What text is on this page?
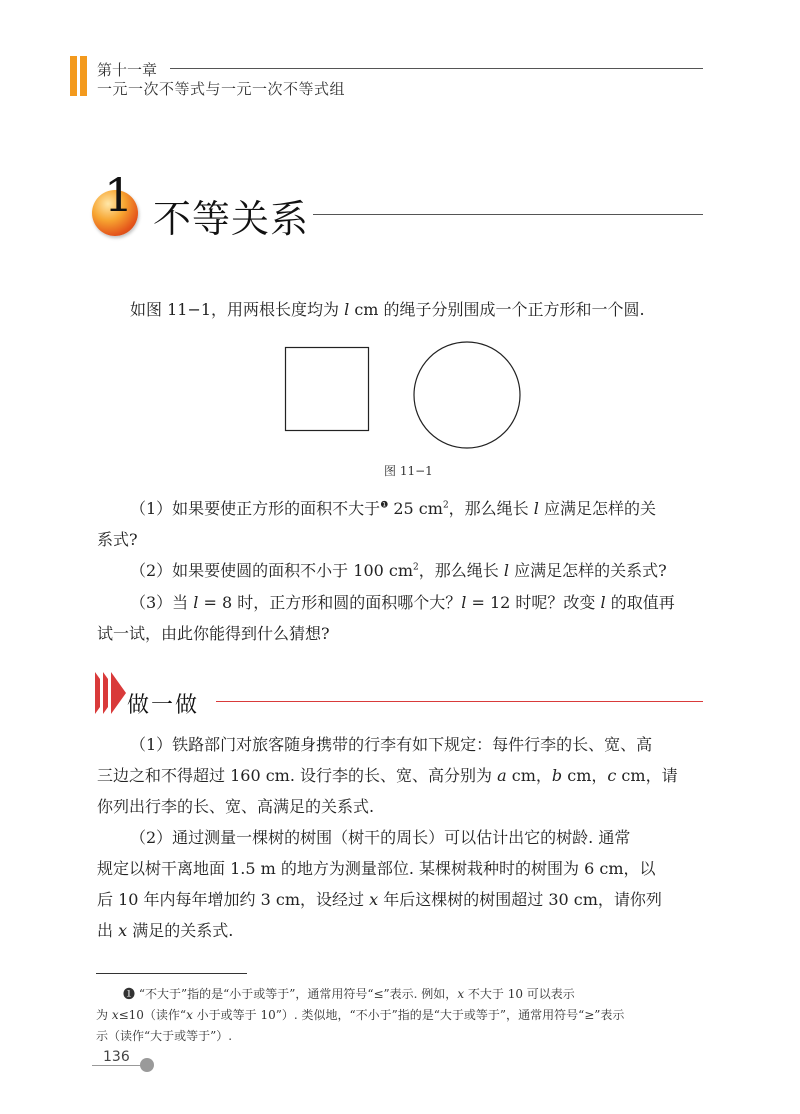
第十一章
一元一次不等式与一元一次不等式组
1 不等关系

如图 11−1，用两根长度均为 l cm 的绳子分别围成一个正方形和一个圆.

图 11−1

（1）如果要使正方形的面积不大于$^❶$ 25 $cm^2$，那么绳长 l 应满足怎样的关

系式?

（2）如果要使圆的面积不小于 100 $cm^2$，那么绳长 l 应满足怎样的关系式?

（3）当 l = 8 时，正方形和圆的面积哪个大？l = 12 时呢？改变 l 的取值再

试一试，由此你能得到什么猜想?

做一做

（1）铁路部门对旅客随身携带的行李有如下规定：每件行李的长、宽、高

三边之和不得超过 160 cm. 设行李的长、宽、高分别为 a cm，b cm，c cm，请

你列出行李的长、宽、高满足的关系式.

（2）通过测量一棵树的树围（树干的周长）可以估计出它的树龄. 通常

规定以树干离地面 1.5 m 的地方为测量部位. 某棵树栽种时的树围为 6 cm，以

后 10 年内每年增加约 3 cm，设经过 x 年后这棵树的树围超过 30 cm，请你列

出 x 满足的关系式.

❶ “不大于”指的是“小于或等于”，通常用符号“≤”表示. 例如，x 不大于 10 可以表示

为 x≤10（读作“x 小于或等于 10”）. 类似地，“不小于”指的是“大于或等于”，通常用符号“≥”表示

示（读作“大于或等于”）.

136
